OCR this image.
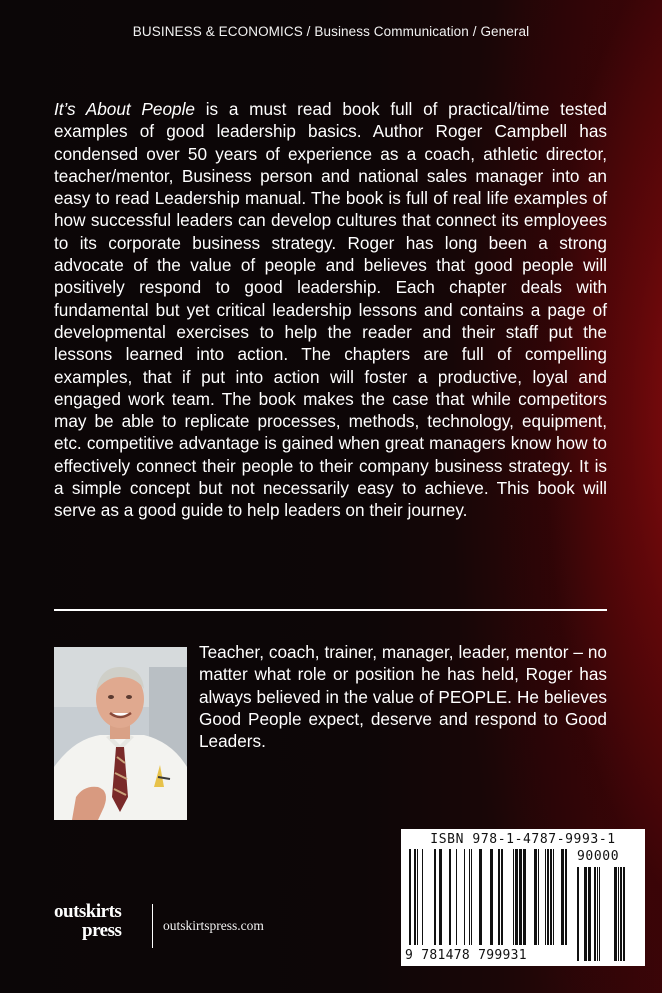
BUSINESS & ECONOMICS / Business Communication / General

It’s About People is a must read book full of practical/time tested examples of good leadership basics. Author Roger Campbell has condensed over 50 years of experience as a coach, athletic director, teacher/mentor, Business person and national sales manager into an easy to read Leadership manual. The book is full of real life examples of how successful leaders can develop cultures that connect its employees to its corporate business strategy. Roger has long been a strong advocate of the value of people and believes that good people will positively respond to good leadership. Each chapter deals with fundamental but yet critical leadership lessons and contains a page of developmental exercises to help the reader and their staff put the lessons learned into action. The chapters are full of compelling examples, that if put into action will foster a productive, loyal and engaged work team. The book makes the case that while competitors may be able to replicate processes, methods, technology, equipment, etc. competitive advantage is gained when great managers know how to effectively connect their people to their company business strategy. It is a simple concept but not necessarily easy to achieve. This book will serve as a good guide to help leaders on their journey.

Teacher, coach, trainer, manager, leader, mentor – no matter what role or position he has held, Roger has always believed in the value of PEOPLE. He believes Good People expect, deserve and respond to Good Leaders.

ISBN 978-1-4787-9993-1
90000
9 781478 799931
outskirts
press	outskirtspress.com
